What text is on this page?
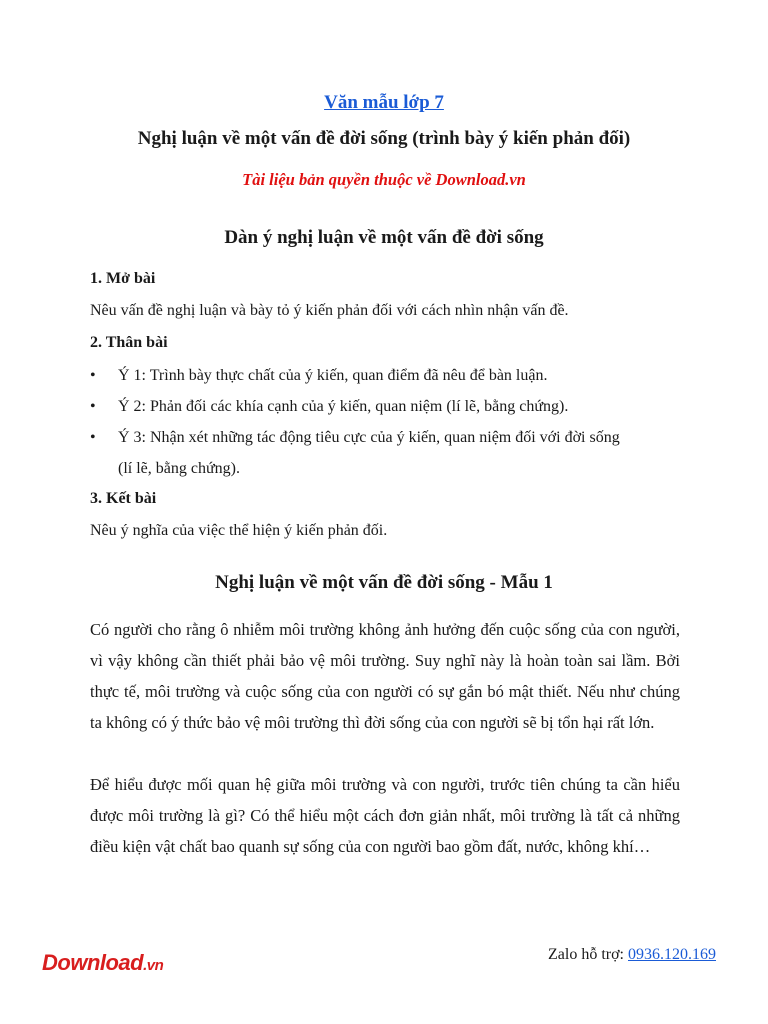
Văn mẫu lớp 7
Nghị luận về một vấn đề đời sống (trình bày ý kiến phản đối)
Tài liệu bản quyền thuộc về Download.vn
Dàn ý nghị luận về một vấn đề đời sống
1. Mở bài
Nêu vấn đề nghị luận và bày tỏ ý kiến phản đối với cách nhìn nhận vấn đề.
2. Thân bài
• Ý 1: Trình bày thực chất của ý kiến, quan điểm đã nêu để bàn luận.
• Ý 2: Phản đối các khía cạnh của ý kiến, quan niệm (lí lẽ, bằng chứng).
• Ý 3: Nhận xét những tác động tiêu cực của ý kiến, quan niệm đối với đời sống
(lí lẽ, bằng chứng).
3. Kết bài
Nêu ý nghĩa của việc thể hiện ý kiến phản đối.
Nghị luận về một vấn đề đời sống - Mẫu 1
Có người cho rằng ô nhiễm môi trường không ảnh hưởng đến cuộc sống của con người, vì vậy không cần thiết phải bảo vệ môi trường. Suy nghĩ này là hoàn toàn sai lầm. Bởi thực tế, môi trường và cuộc sống của con người có sự gắn bó mật thiết. Nếu như chúng ta không có ý thức bảo vệ môi trường thì đời sống của con người sẽ bị tổn hại rất lớn.
Để hiểu được mối quan hệ giữa môi trường và con người, trước tiên chúng ta cần hiểu được môi trường là gì? Có thể hiểu một cách đơn giản nhất, môi trường là tất cả những điều kiện vật chất bao quanh sự sống của con người bao gồm đất, nước, không khí…
Download.vn
Zalo hỗ trợ: 0936.120.169
